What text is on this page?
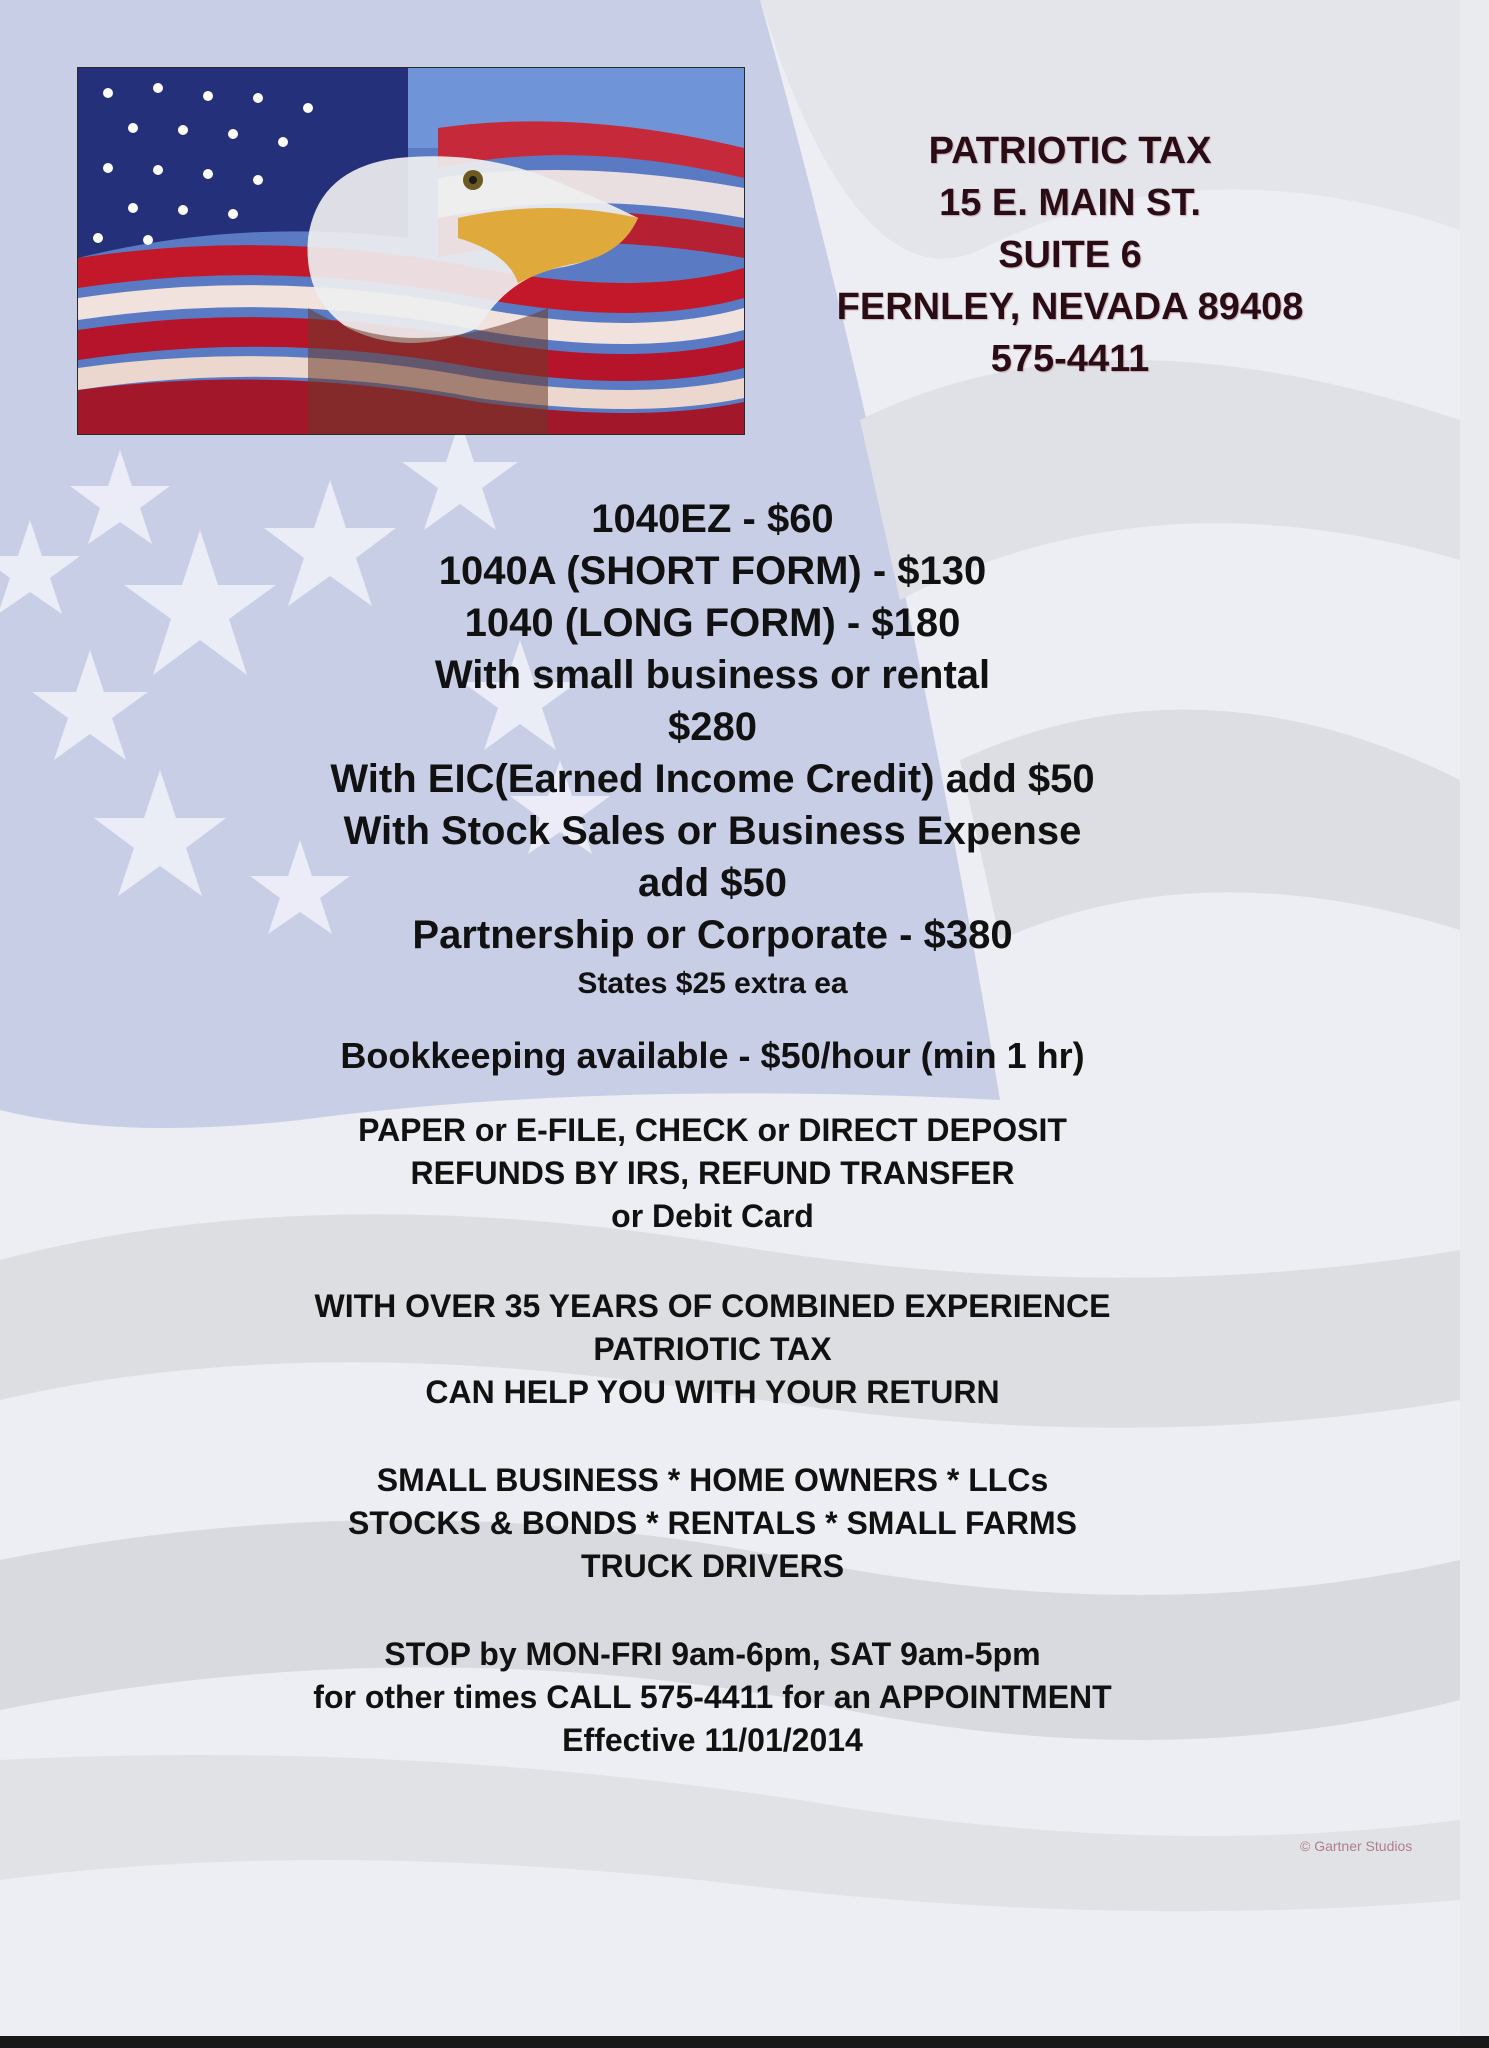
PATRIOTIC TAX
15 E. MAIN ST.
SUITE 6
FERNLEY, NEVADA 89408
575-4411
1040EZ - $60
1040A (SHORT FORM) - $130
1040 (LONG FORM) - $180
With small business or rental
$280
With EIC(Earned Income Credit) add $50
With Stock Sales or Business Expense
add $50
Partnership or Corporate - $380
States $25 extra ea
Bookkeeping available - $50/hour (min 1 hr)
PAPER or E-FILE, CHECK or DIRECT DEPOSIT
REFUNDS BY IRS, REFUND TRANSFER
or Debit Card
WITH OVER 35 YEARS OF COMBINED EXPERIENCE
PATRIOTIC TAX
CAN HELP YOU WITH YOUR RETURN
SMALL BUSINESS * HOME OWNERS * LLCs
STOCKS & BONDS * RENTALS * SMALL FARMS
TRUCK DRIVERS
STOP by MON-FRI 9am-6pm, SAT 9am-5pm
for other times CALL 575-4411 for an APPOINTMENT
Effective 11/01/2014
© Gartner Studios
